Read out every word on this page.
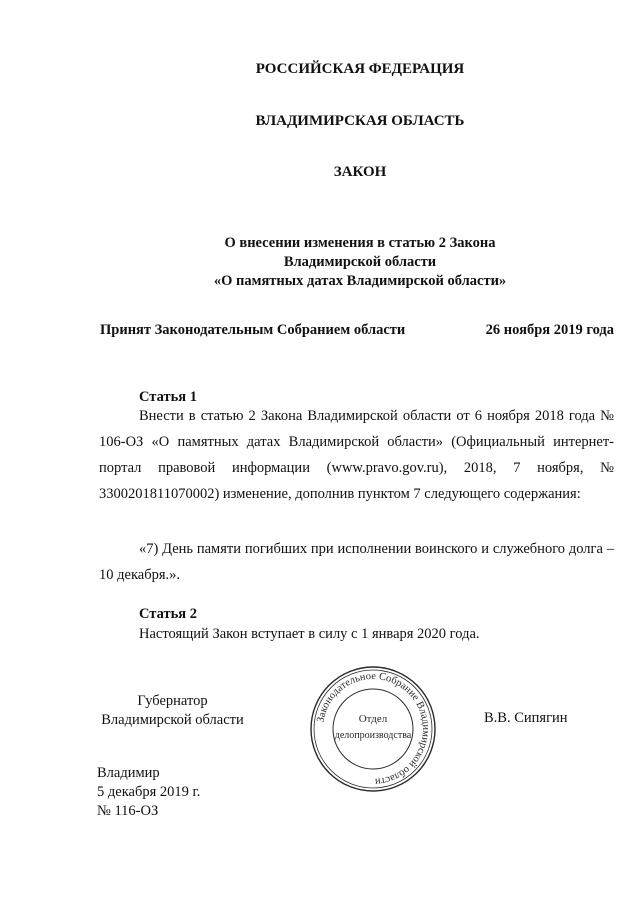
РОССИЙСКАЯ ФЕДЕРАЦИЯ
ВЛАДИМИРСКАЯ ОБЛАСТЬ
ЗАКОН
О внесении изменения в статью 2 Закона
Владимирской области
«О памятных датах Владимирской области»
Принят Законодательным Собранием области	26 ноября 2019 года
Статья 1
Внести в статью 2 Закона Владимирской области от 6 ноября 2018 года № 106-ОЗ «О памятных датах Владимирской области» (Официальный интернет-портал правовой информации (www.pravo.gov.ru), 2018, 7 ноября, № 3300201811070002) изменение, дополнив пунктом 7 следующего содержания:
«7) День памяти погибших при исполнении воинского и служебного долга – 10 декабря.».
Статья 2
Настоящий Закон вступает в силу с 1 января 2020 года.
Губернатор
Владимирской области	Законодательное Собрание Владимирской области
Отдел
делопроизводства
В.В. Сипягин
Владимир
5 декабря 2019 г.
№ 116-ОЗ
